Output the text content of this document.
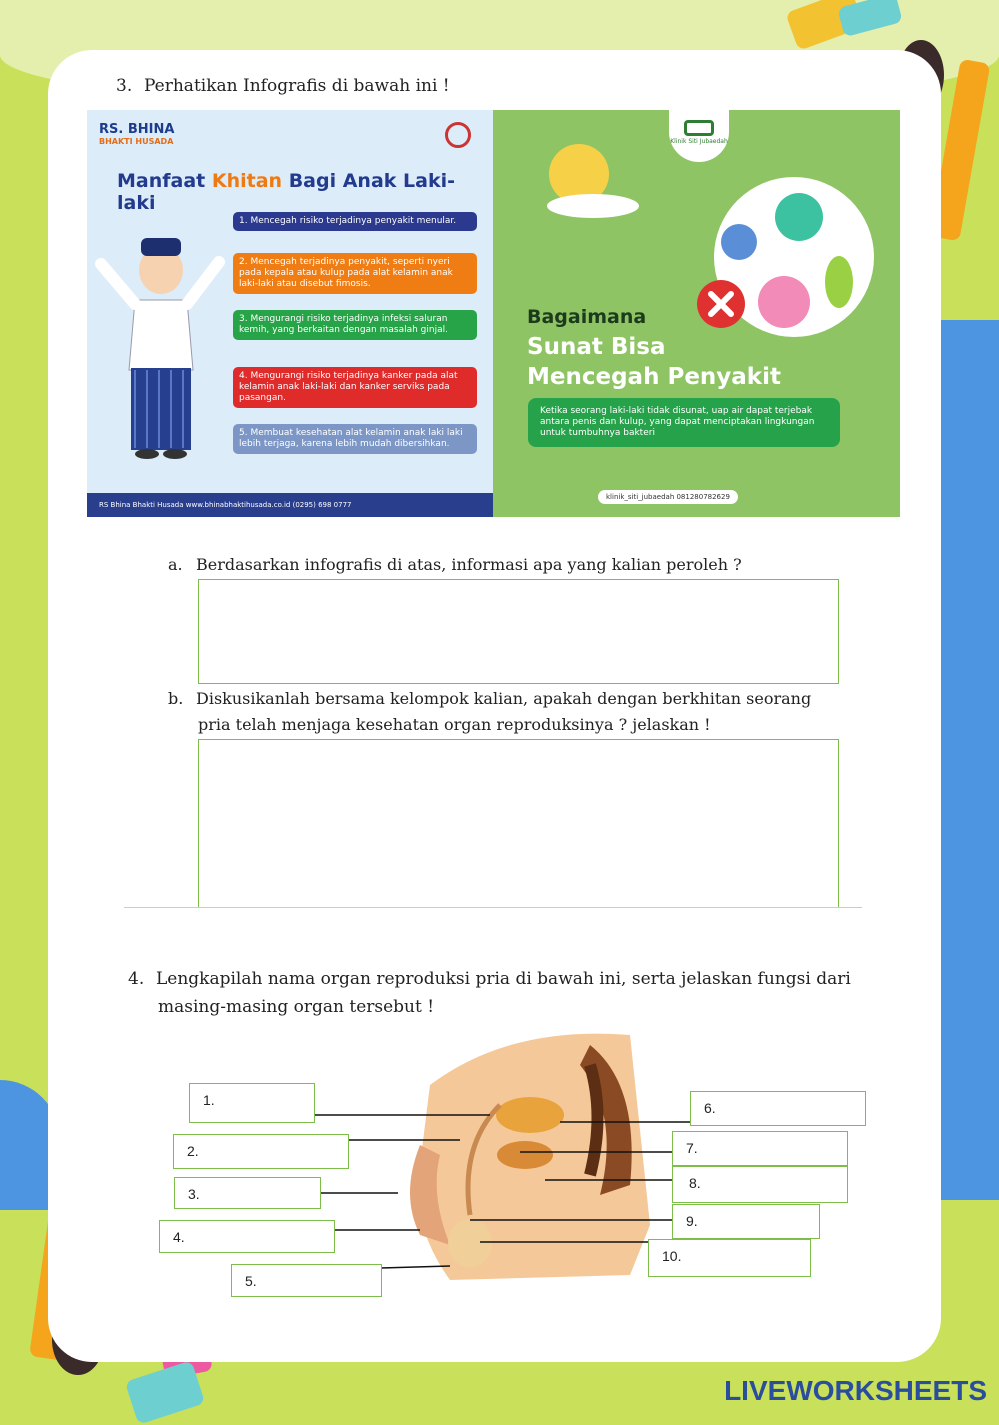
3. Perhatikan Infografis di bawah ini !
RS. BHINA
BHAKTI HUSADA
Manfaat Khitan Bagi Anak Laki-laki
1. Mencegah risiko terjadinya penyakit menular.
2. Mencegah terjadinya penyakit, seperti nyeri pada kepala atau kulup pada alat kelamin anak laki-laki atau disebut fimosis.
3. Mengurangi risiko terjadinya infeksi saluran kemih, yang berkaitan dengan masalah ginjal.
4. Mengurangi risiko terjadinya kanker pada alat kelamin anak laki-laki dan kanker serviks pada pasangan.
5. Membuat kesehatan alat kelamin anak laki laki lebih terjaga, karena lebih mudah dibersihkan.
RS Bhina Bhakti Husada www.bhinabhaktihusada.co.id (0295) 698 0777
Klinik Siti Jubaedah
Bagaimana
Sunat Bisa
Mencegah Penyakit
Ketika seorang laki-laki tidak disunat, uap air dapat terjebak antara penis dan kulup, yang dapat menciptakan lingkungan untuk tumbuhnya bakteri
klinik_siti_jubaedah 081280782629
a. Berdasarkan infografis di atas, informasi apa yang kalian peroleh ?
b. Diskusikanlah bersama kelompok kalian, apakah dengan berkhitan seorang
pria telah menjaga kesehatan organ reproduksinya ? jelaskan !
4. Lengkapilah nama organ reproduksi pria di bawah ini, serta jelaskan fungsi dari
masing-masing organ tersebut !
1.
2.
3.
4.
5.
6.
7.
8.
9.
10.
LIVEWORKSHEETS
